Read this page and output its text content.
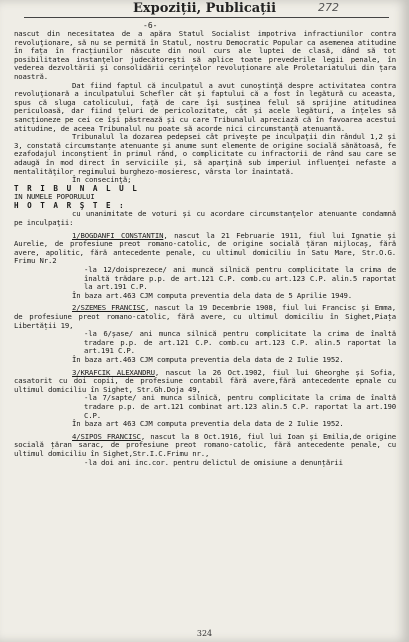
Expoziții, Publicații	272
-6-

nascut din necesitatea de a apăra Statul Socialist impotriva infractiunilor contra revoluţionare, să nu se permită în Statul, nostru Democratic Popular ca asemenea atitudine în fața în fracțiunilor născute din noul curs ale luptei de clasă, dând să tot posibilitatea instanţelor judecătoreşti să aplice toate prevederile legii penale, în vederea dezvoltării și consolidării cerinţelor revoluționare ale Proletariatului din țara noastră.

Dat fiind faptul că inculpatul a avut cunoştinţă despre activitatea contra revoluţionară a inculpatului Schefler cât și faptului că a fost în legătură cu aceasta, spus că sluga catolicului, față de care îşi susţinea felul să sprijine atitudinea periculoasă, dar fiind țeluri de pericolozitate, cât și acele legături, a înțeles să sancționeze pe cei ce își păstrează și cu care Tribunalul apreciază că în favoarea acestui atitudine, de aceea Tribunalul nu poate să acorde nici circumstanță atenuantă.

Tribunalul la dozarea pedepsei cât privește pe inculpaţii din rândul 1,2 și 3, constată circumstanțe atenuante și anume sunt elemente de origine socială sănătoasă, fe ezafodajul inconştient în primul rând, o complicitate cu infractorii de rând sau care se adaugă în mod direct în serviciile și, să aparţină sub imperiul influenţei nefaste a mentalităţilor regimului burghezo-mosieresc, vârsta lor înaintată.

În consecinţă;

T R I B U N A L U L

IN NUMELE POPORULUI

H O T A R Ş T E :

cu unanimitate de voturi și cu acordare circumstanţelor atenuante condamnă pe inculpaţii:

1/BOGDANFI CONSTANTIN, nascut la 21 Februarie 1911, fiul lui Ignatie și Aurelie, de profesiune preot romano-catolic, de origine socială țăran mijlocaș, fără avere, apolitic, fără antecedente penale, cu ultimul domiciliu în Satu Mare, Str.O.G. Frimu Nr.2

-la 12/doisprezece/ ani muncă silnică pentru complicitate la crima de înaltă trădare p.p. de art.121 C.P. comb.cu art.123 C.P. alin.5 raportat la art.191 C.P.

În baza art.463 CJM computa preventia dela data de 5 Aprilie 1949.

2/SZEMES FRANCISC, nascut la 19 Decembrie 1908, fiul lui Francisc și Emma, de profesiune preot romano-catolic, fără avere, cu ultimul domiciliu în Sighet,Piața Libertății 19,

-la 6/șase/ ani munca silnică pentru complicitate la crima de înaltă tradare p.p. de art.121 C.P. comb.cu art.123 C.P. alin.5 raportat la art.191 C.P.

În baza art.463 CJM computa preventia dela data de 2 Iulie 1952.

3/KRAFCIK ALEXANDRU, nascut la 26 Oct.1902, fiul lui Gheorghe și Sofia, casatorit cu doi copii, de profesiune contabil fără avere,fără antecedente epnale cu ultimul domiciliu în Sighet, Str.Gh.Doja 49,

-la 7/sapte/ ani munca silnică, pentru complicitate la crima de înaltă tradare p.p. de art.121 combinat art.123 alin.5 C.P. raportat la art.190 C.P.

În baza art 463 CJM computa preventia dela data de 2 Iulie 1952.

4/SIPOS FRANCISC, nascut la 8 Oct.1916, fiul lui Ioan și Emilia,de origine socială țăran sarac, de profesiune preot romano-catolic, fără antecedente penale, cu ultimul domiciliu în Sighet,Str.I.C.Frimu nr.,

-la doi ani inc.cor. pentru delictul de omisiune a denunțării

324
